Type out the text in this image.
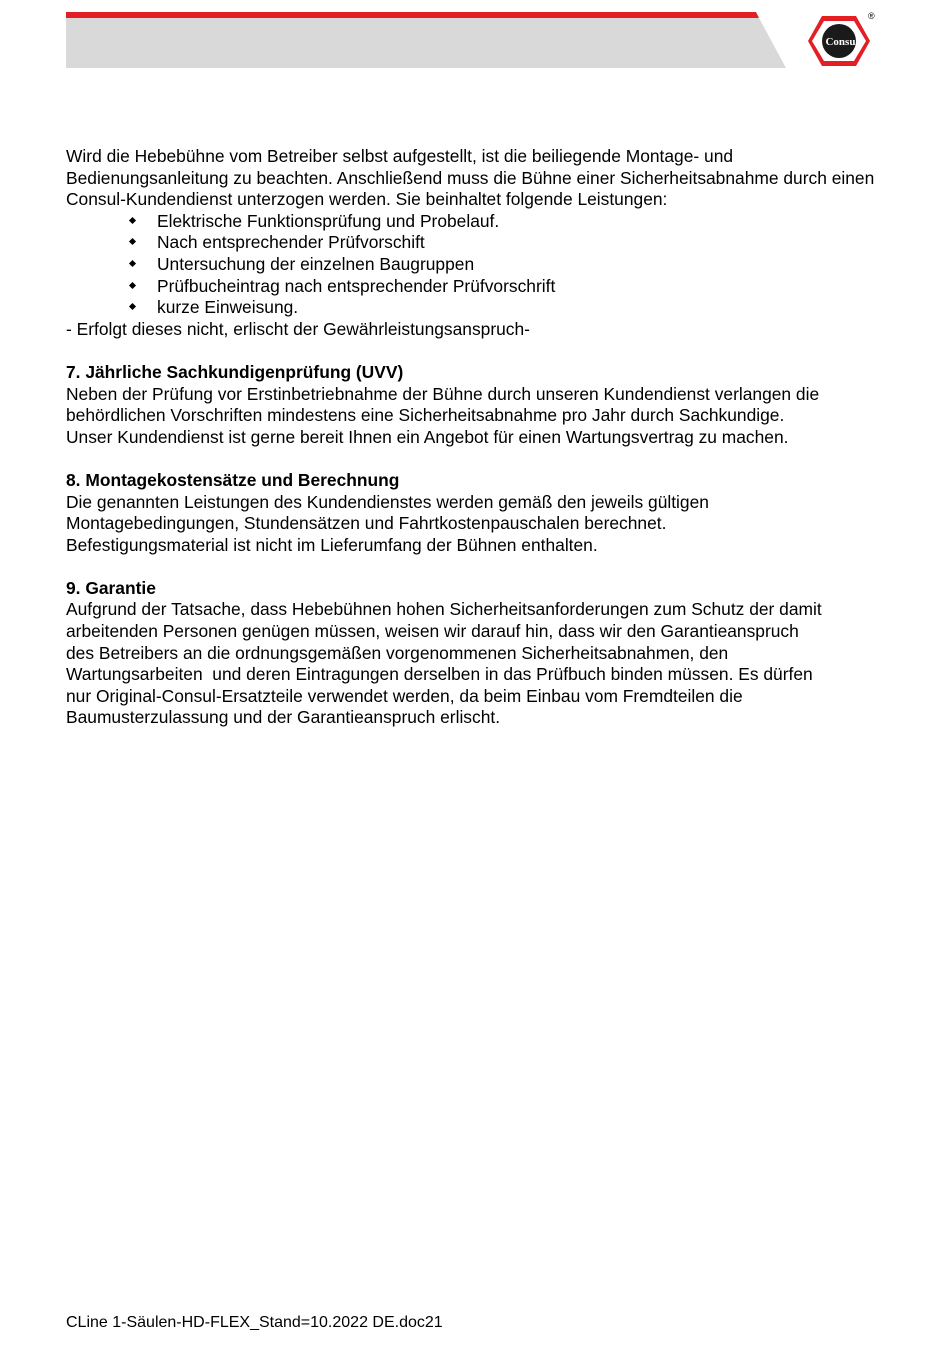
Consul
®

Wird die Hebebühne vom Betreiber selbst aufgestellt, ist die beiliegende Montage- und Bedienungsanleitung zu beachten. Anschließend muss die Bühne einer Sicherheitsabnahme durch einen Consul-Kundendienst unterzogen werden. Sie beinhaltet folgende Leistungen:

Elektrische Funktionsprüfung und Probelauf.
Nach entsprechender Prüfvorschift
Untersuchung der einzelnen Baugruppen
Prüfbucheintrag nach entsprechender Prüfvorschrift
kurze Einweisung.

- Erfolgt dieses nicht, erlischt der Gewährleistungsanspruch-

7. Jährliche Sachkundigenprüfung (UVV)

Neben der Prüfung vor Erstinbetriebnahme der Bühne durch unseren Kundendienst verlangen die

behördlichen Vorschriften mindestens eine Sicherheitsabnahme pro Jahr durch Sachkundige.

Unser Kundendienst ist gerne bereit Ihnen ein Angebot für einen Wartungsvertrag zu machen.

8. Montagekostensätze und Berechnung

Die genannten Leistungen des Kundendienstes werden gemäß den jeweils gültigen

Montagebedingungen, Stundensätzen und Fahrtkostenpauschalen berechnet.

Befestigungsmaterial ist nicht im Lieferumfang der Bühnen enthalten.

9. Garantie

Aufgrund der Tatsache, dass Hebebühnen hohen Sicherheitsanforderungen zum Schutz der damit

arbeitenden Personen genügen müssen, weisen wir darauf hin, dass wir den Garantieanspruch

des Betreibers an die ordnungsgemäßen vorgenommenen Sicherheitsabnahmen, den

Wartungsarbeiten  und deren Eintragungen derselben in das Prüfbuch binden müssen. Es dürfen

nur Original-Consul-Ersatzteile verwendet werden, da beim Einbau vom Fremdteilen die

Baumusterzulassung und der Garantieanspruch erlischt.

CLine 1-Säulen-HD-FLEX_Stand=10.2022 DE.doc21
